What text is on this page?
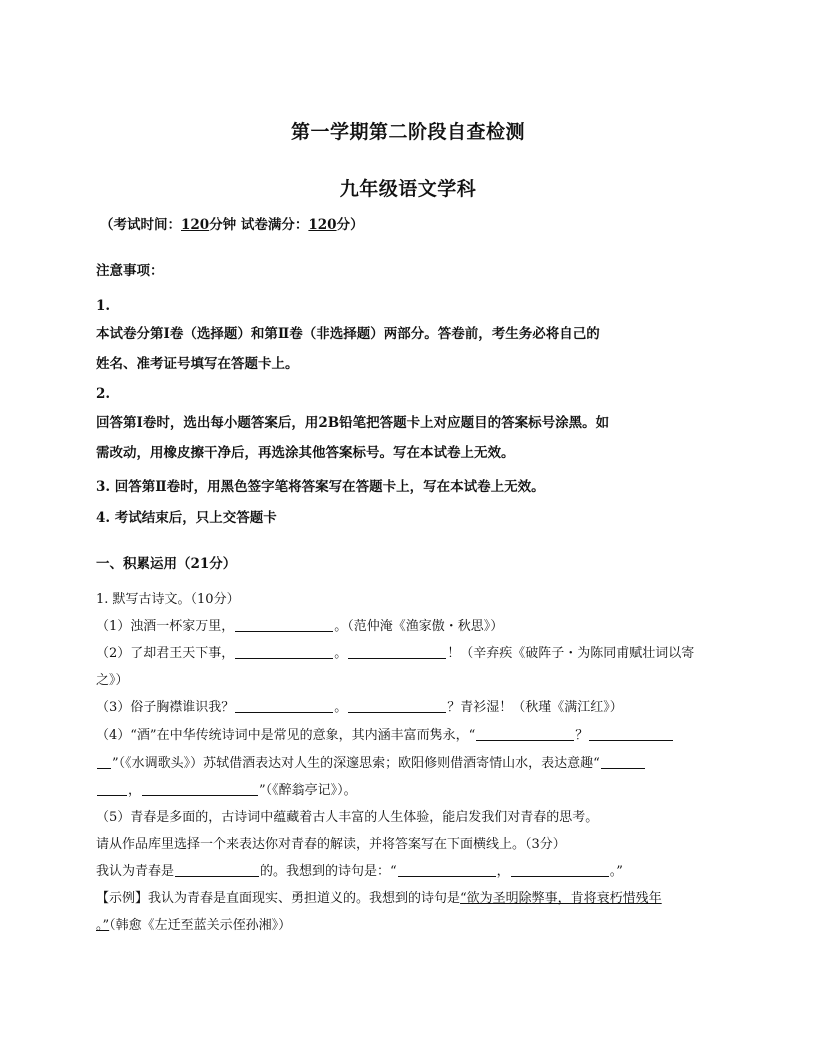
第一学期第二阶段自查检测
九年级语文学科
（考试时间：120分钟 试卷满分：120分）
注意事项：
1.
本试卷分第Ⅰ卷（选择题）和第Ⅱ卷（非选择题）两部分。答卷前，考生务必将自己的
姓名、准考证号填写在答题卡上。
2.
回答第Ⅰ卷时，选出每小题答案后，用2B铅笔把答题卡上对应题目的答案标号涂黑。如
需改动，用橡皮擦干净后，再选涂其他答案标号。写在本试卷上无效。
3. 回答第Ⅱ卷时，用黑色签字笔将答案写在答题卡上，写在本试卷上无效。
4. 考试结束后，只上交答题卡
一、积累运用（21分）
1. 默写古诗文。（10分）
（1）浊酒一杯家万里，	。（范仲淹《渔家傲・秋思》）
（2）了却君王天下事，	。	！（辛弃疾《破阵子・为陈同甫赋壮词以寄
之》）
（3）俗子胸襟谁识我？	。	？青衫湿！（秋瑾《满江红》）
（4）“酒”在中华传统诗词中是常见的意象，其内涵丰富而隽永，“	？
”（《水调歌头》）苏轼借酒表达对人生的深邃思索；欧阳修则借酒寄情山水，表达意趣“
，	”（《醉翁亭记》）。
（5）青春是多面的，古诗词中蕴藏着古人丰富的人生体验，能启发我们对青春的思考。
请从作品库里选择一个来表达你对青春的解读，并将答案写在下面横线上。（3分）
我认为青春是	的。我想到的诗句是：“	，	。”
【示例】我认为青春是直面现实、勇担道义的。我想到的诗句是“欲为圣明除弊事，肯将衰朽惜残年
。”（韩愈《左迁至蓝关示侄孙湘》）
